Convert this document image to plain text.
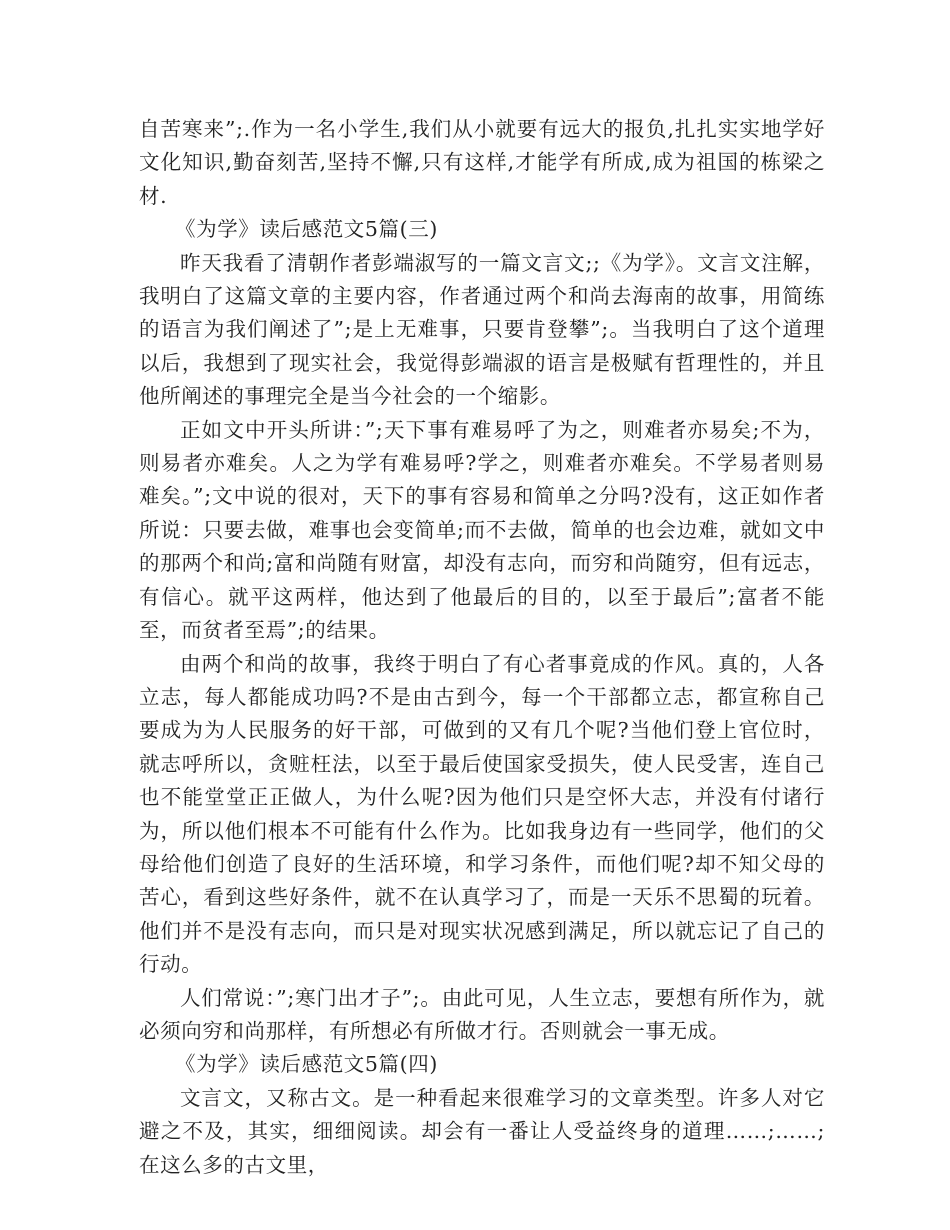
自苦寒来”;.作为一名小学生,我们从小就要有远大的报负,扎扎实实地学好文化知识,勤奋刻苦,坚持不懈,只有这样,才能学有所成,成为祖国的栋梁之材.

《为学》读后感范文5篇(三)

昨天我看了清朝作者彭端淑写的一篇文言文;;《为学》。文言文注解，我明白了这篇文章的主要内容，作者通过两个和尚去海南的故事，用简练的语言为我们阐述了”;是上无难事，只要肯登攀”;。当我明白了这个道理以后，我想到了现实社会，我觉得彭端淑的语言是极赋有哲理性的，并且他所阐述的事理完全是当今社会的一个缩影。

正如文中开头所讲：”;天下事有难易呼了为之，则难者亦易矣;不为，则易者亦难矣。人之为学有难易呼?学之，则难者亦难矣。不学易者则易难矣。”;文中说的很对，天下的事有容易和简单之分吗?没有，这正如作者所说：只要去做，难事也会变简单;而不去做，简单的也会边难，就如文中的那两个和尚;富和尚随有财富，却没有志向，而穷和尚随穷，但有远志，有信心。就平这两样，他达到了他最后的目的，以至于最后”;富者不能至，而贫者至焉”;的结果。

由两个和尚的故事，我终于明白了有心者事竟成的作风。真的，人各立志，每人都能成功吗?不是由古到今，每一个干部都立志，都宣称自己要成为为人民服务的好干部，可做到的又有几个呢?当他们登上官位时，就志呼所以，贪赃枉法，以至于最后使国家受损失，使人民受害，连自己也不能堂堂正正做人，为什么呢?因为他们只是空怀大志，并没有付诸行为，所以他们根本不可能有什么作为。比如我身边有一些同学，他们的父母给他们创造了良好的生活环境，和学习条件，而他们呢?却不知父母的苦心，看到这些好条件，就不在认真学习了，而是一天乐不思蜀的玩着。他们并不是没有志向，而只是对现实状况感到满足，所以就忘记了自己的行动。

人们常说：”;寒门出才子”;。由此可见，人生立志，要想有所作为，就必须向穷和尚那样，有所想必有所做才行。否则就会一事无成。

《为学》读后感范文5篇(四)

文言文，又称古文。是一种看起来很难学习的文章类型。许多人对它避之不及，其实，细细阅读。却会有一番让人受益终身的道理……;……;在这么多的古文里，
